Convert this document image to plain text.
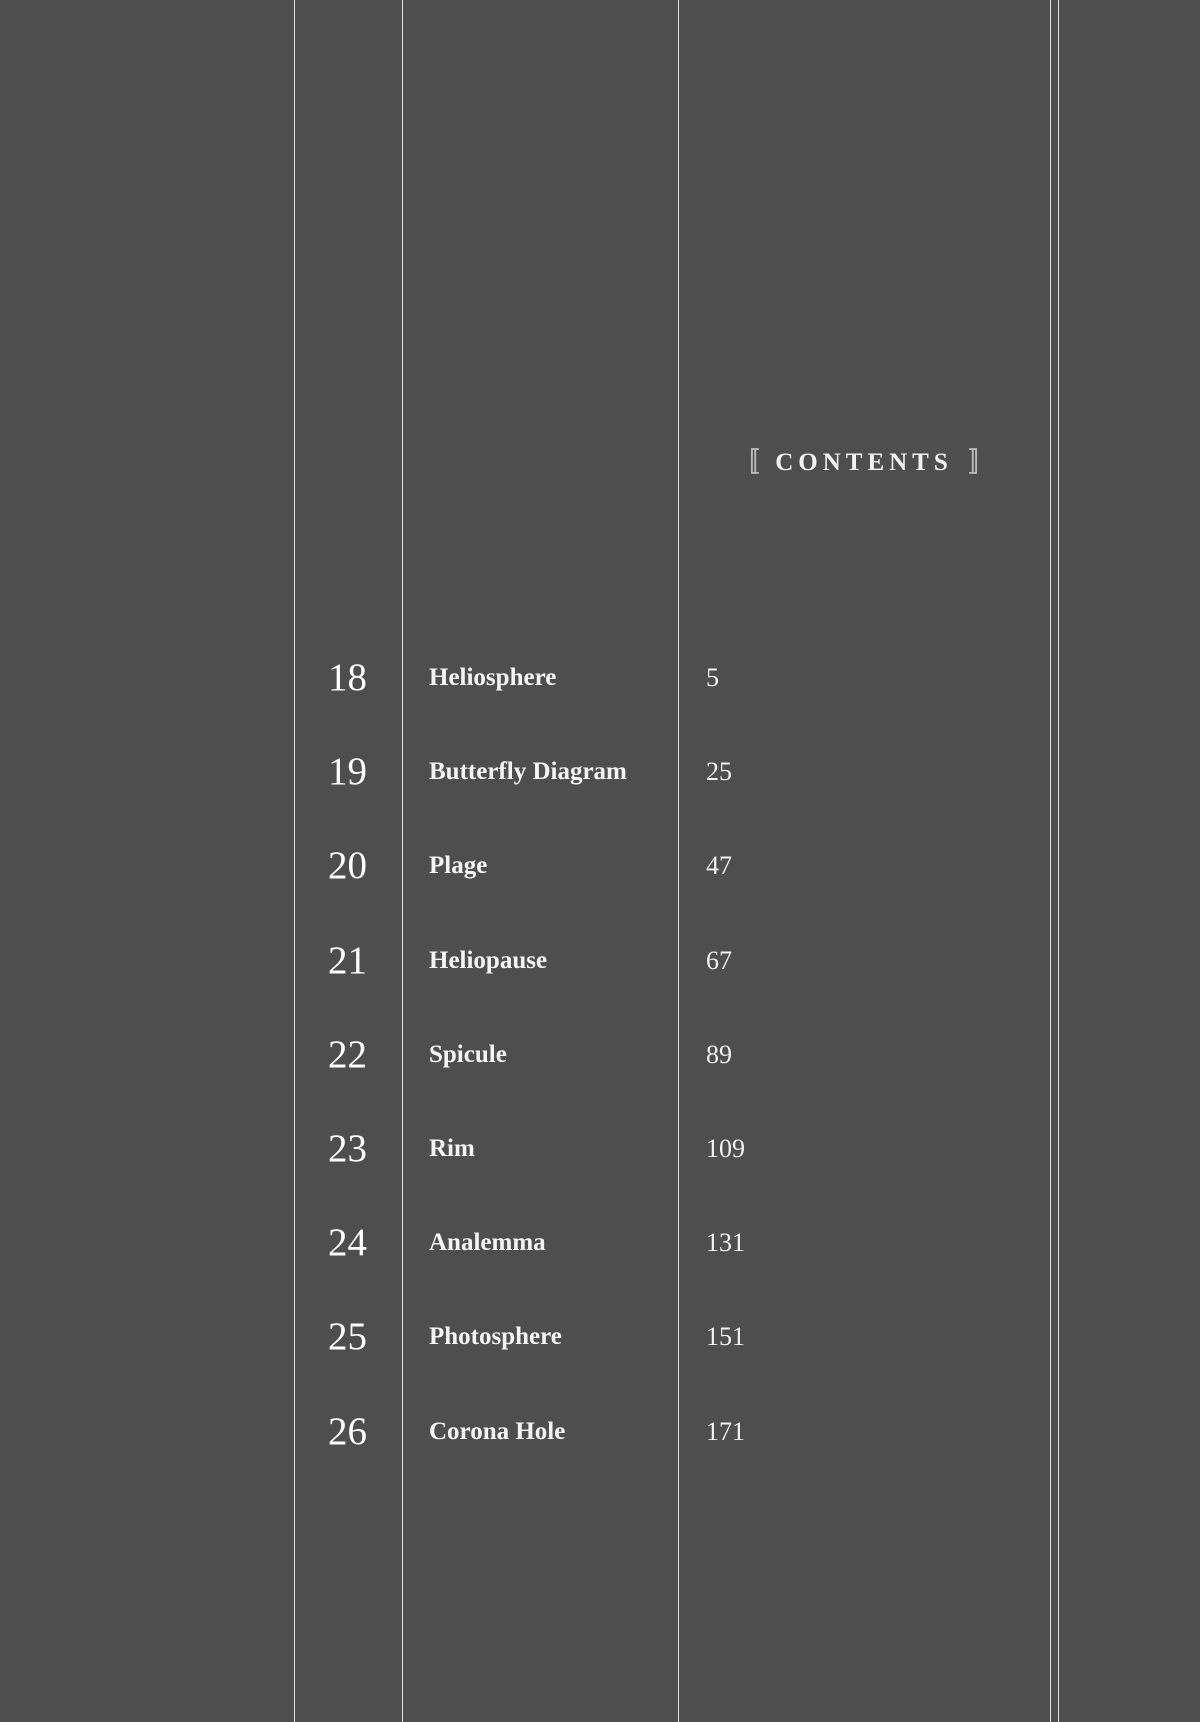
〚 CONTENTS 〛
18	Heliosphere	5
19	Butterfly Diagram	25
20	Plage	47
21	Heliopause	67
22	Spicule	89
23	Rim	109
24	Analemma	131
25	Photosphere	151
26	Corona Hole	171
